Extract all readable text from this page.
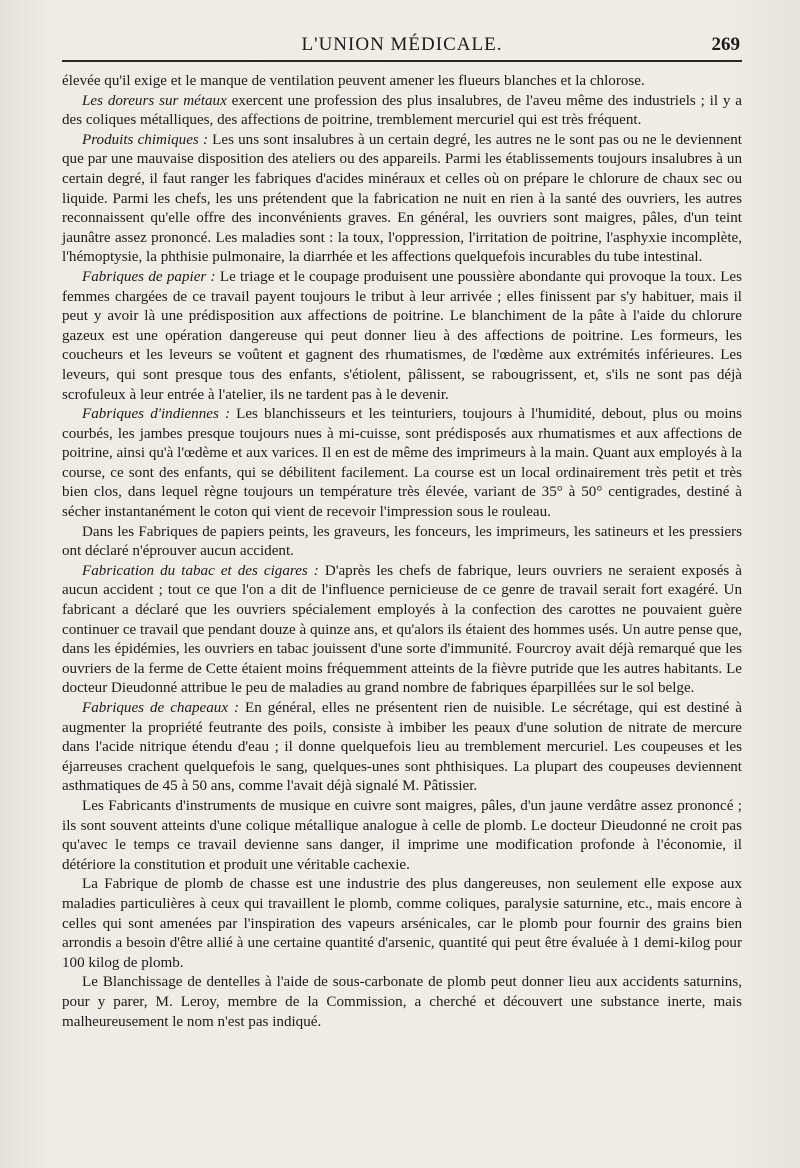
L'UNION MÉDICALE.	269

élevée qu'il exige et le manque de ventilation peuvent amener les flueurs blanches et la chlorose.

Les doreurs sur métaux exercent une profession des plus insalubres, de l'aveu même des industriels ; il y a des coliques métalliques, des affections de poitrine, tremblement mercuriel qui est très fréquent.

Produits chimiques : Les uns sont insalubres à un certain degré, les autres ne le sont pas ou ne le deviennent que par une mauvaise disposition des ateliers ou des appareils. Parmi les établissements toujours insalubres à un certain degré, il faut ranger les fabriques d'acides minéraux et celles où on prépare le chlorure de chaux sec ou liquide. Parmi les chefs, les uns prétendent que la fabrication ne nuit en rien à la santé des ouvriers, les autres reconnaissent qu'elle offre des inconvénients graves. En général, les ouvriers sont maigres, pâles, d'un teint jaunâtre assez prononcé. Les maladies sont : la toux, l'oppression, l'irritation de poitrine, l'asphyxie incomplète, l'hémoptysie, la phthisie pulmonaire, la diarrhée et les affections quelquefois incurables du tube intestinal.

Fabriques de papier : Le triage et le coupage produisent une poussière abondante qui provoque la toux. Les femmes chargées de ce travail payent toujours le tribut à leur arrivée ; elles finissent par s'y habituer, mais il peut y avoir là une prédisposition aux affections de poitrine. Le blanchiment de la pâte à l'aide du chlorure gazeux est une opération dangereuse qui peut donner lieu à des affections de poitrine. Les formeurs, les coucheurs et les leveurs se voûtent et gagnent des rhumatismes, de l'œdème aux extrémités inférieures. Les leveurs, qui sont presque tous des enfants, s'étiolent, pâlissent, se rabougrissent, et, s'ils ne sont pas déjà scrofuleux à leur entrée à l'atelier, ils ne tardent pas à le devenir.

Fabriques d'indiennes : Les blanchisseurs et les teinturiers, toujours à l'humidité, debout, plus ou moins courbés, les jambes presque toujours nues à mi-cuisse, sont prédisposés aux rhumatismes et aux affections de poitrine, ainsi qu'à l'œdème et aux varices. Il en est de même des imprimeurs à la main. Quant aux employés à la course, ce sont des enfants, qui se débilitent facilement. La course est un local ordinairement très petit et très bien clos, dans lequel règne toujours un température très élevée, variant de 35° à 50° centigrades, destiné à sécher instantanément le coton qui vient de recevoir l'impression sous le rouleau.

Dans les Fabriques de papiers peints, les graveurs, les fonceurs, les imprimeurs, les satineurs et les pressiers ont déclaré n'éprouver aucun accident.

Fabrication du tabac et des cigares : D'après les chefs de fabrique, leurs ouvriers ne seraient exposés à aucun accident ; tout ce que l'on a dit de l'influence pernicieuse de ce genre de travail serait fort exagéré. Un fabricant a déclaré que les ouvriers spécialement employés à la confection des carottes ne pouvaient guère continuer ce travail que pendant douze à quinze ans, et qu'alors ils étaient des hommes usés. Un autre pense que, dans les épidémies, les ouvriers en tabac jouissent d'une sorte d'immunité. Fourcroy avait déjà remarqué que les ouvriers de la ferme de Cette étaient moins fréquemment atteints de la fièvre putride que les autres habitants. Le docteur Dieudonné attribue le peu de maladies au grand nombre de fabriques éparpillées sur le sol belge.

Fabriques de chapeaux : En général, elles ne présentent rien de nuisible. Le sécrétage, qui est destiné à augmenter la propriété feutrante des poils, consiste à imbiber les peaux d'une solution de nitrate de mercure dans l'acide nitrique étendu d'eau ; il donne quelquefois lieu au tremblement mercuriel. Les coupeuses et les éjarreuses crachent quelquefois le sang, quelques-unes sont phthisiques. La plupart des coupeuses deviennent asthmatiques de 45 à 50 ans, comme l'avait déjà signalé M. Pâtissier.

Les Fabricants d'instruments de musique en cuivre sont maigres, pâles, d'un jaune verdâtre assez prononcé ; ils sont souvent atteints d'une colique métallique analogue à celle de plomb. Le docteur Dieudonné ne croit pas qu'avec le temps ce travail devienne sans danger, il imprime une modification profonde à l'économie, il détériore la constitution et produit une véritable cachexie.

La Fabrique de plomb de chasse est une industrie des plus dangereuses, non seulement elle expose aux maladies particulières à ceux qui travaillent le plomb, comme coliques, paralysie saturnine, etc., mais encore à celles qui sont amenées par l'inspiration des vapeurs arsénicales, car le plomb pour fournir des grains bien arrondis a besoin d'être allié à une certaine quantité d'arsenic, quantité qui peut être évaluée à 1 demi-kilog pour 100 kilog de plomb.

Le Blanchissage de dentelles à l'aide de sous-carbonate de plomb peut donner lieu aux accidents saturnins, pour y parer, M. Leroy, membre de la Commission, a cherché et découvert une substance inerte, mais malheureusement le nom n'est pas indiqué.
